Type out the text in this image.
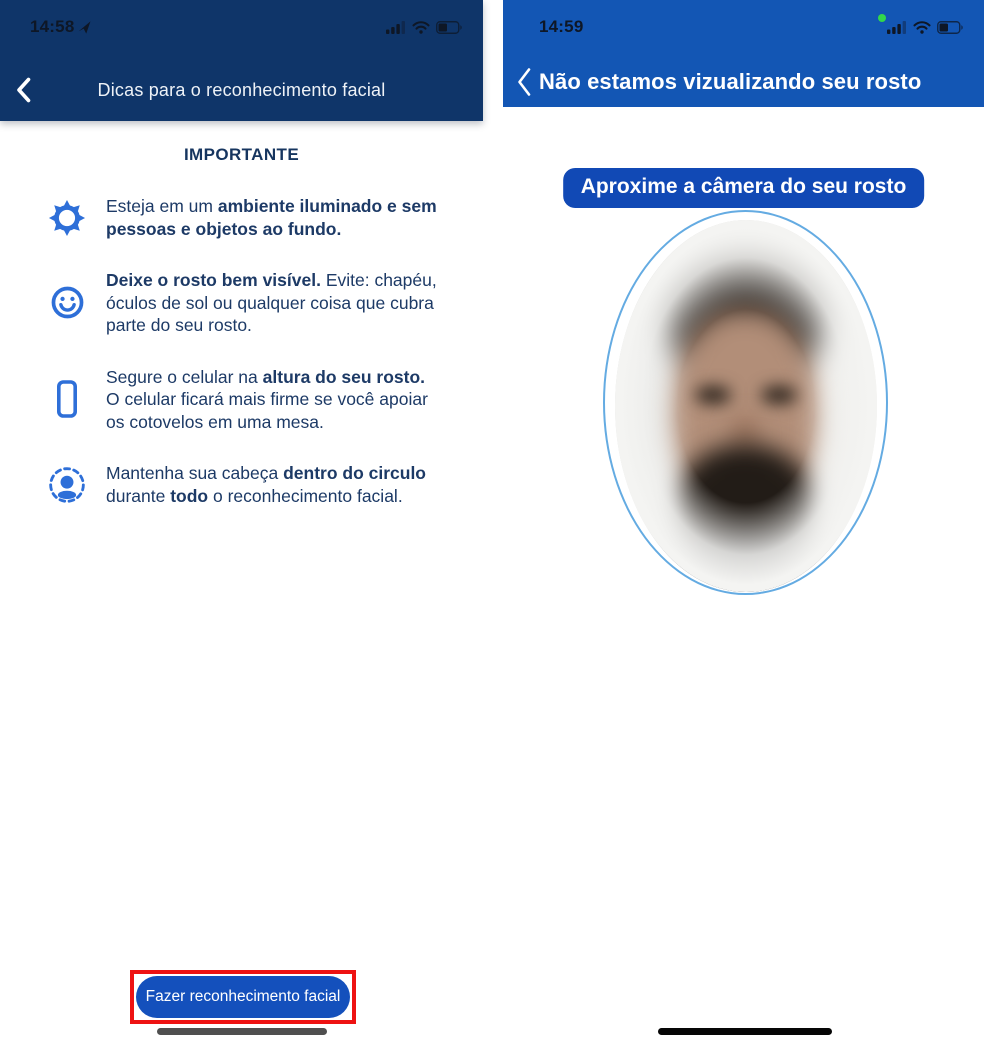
14:58
Dicas para o reconhecimento facial
IMPORTANTE
Esteja em um ambiente iluminado e sem pessoas e objetos ao fundo.
Deixe o rosto bem visível. Evite: chapéu, óculos de sol ou qualquer coisa que cubra parte do seu rosto.
Segure o celular na altura do seu rosto. O celular ficará mais firme se você apoiar os cotovelos em uma mesa.
Mantenha sua cabeça dentro do circulo durante todo o reconhecimento facial.
Fazer reconhecimento facial
14:59
Não estamos vizualizando seu rosto
Aproxime a câmera do seu rosto
